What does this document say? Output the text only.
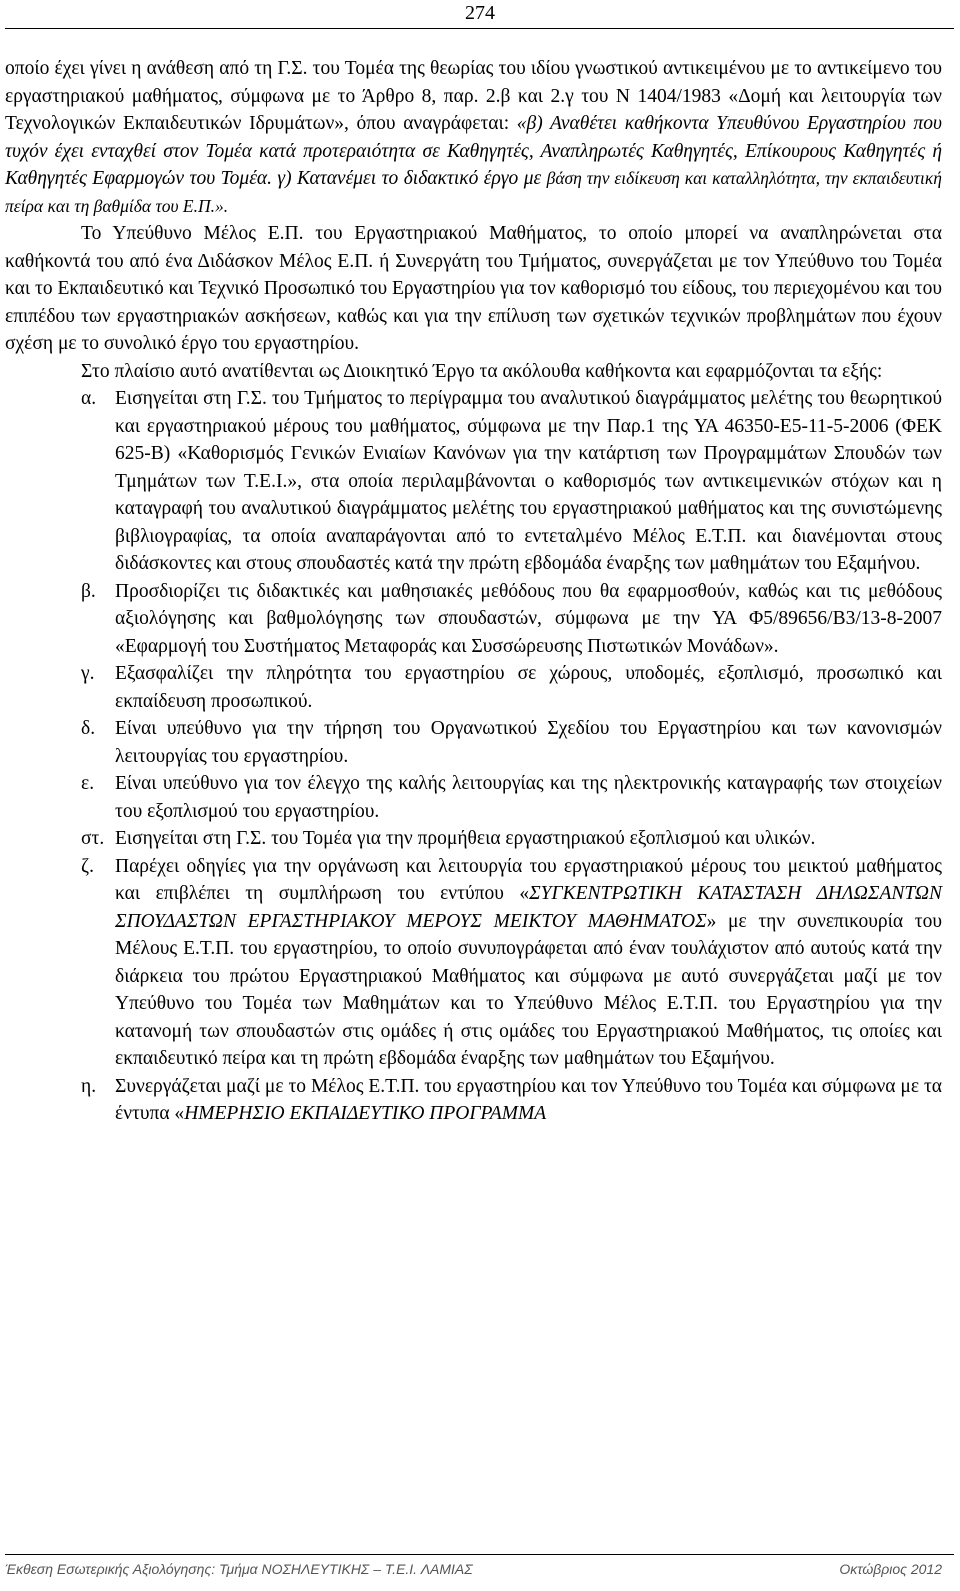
274

οποίο έχει γίνει η ανάθεση από τη Γ.Σ. του Τομέα της θεωρίας του ιδίου γνωστικού αντικειμένου με το αντικείμενο του εργαστηριακού μαθήματος, σύμφωνα με το Άρθρο 8, παρ. 2.β και 2.γ του Ν 1404/1983 «Δομή και λειτουργία των Τεχνολογικών Εκπαιδευτικών Ιδρυμάτων», όπου αναγράφεται: «β) Αναθέτει καθήκοντα Υπευθύνου Εργαστηρίου που τυχόν έχει ενταχθεί στον Τομέα κατά προτεραιότητα σε Καθηγητές, Αναπληρωτές Καθηγητές, Επίκουρους Καθηγητές ή Καθηγητές Εφαρμογών του Τομέα. γ) Κατανέμει το διδακτικό έργο με βάση την ειδίκευση και καταλληλότητα, την εκπαιδευτική πείρα και τη βαθμίδα του Ε.Π.».

Το Υπεύθυνο Μέλος Ε.Π. του Εργαστηριακού Μαθήματος, το οποίο μπορεί να αναπληρώνεται στα καθήκοντά του από ένα Διδάσκον Μέλος Ε.Π. ή Συνεργάτη του Τμήματος, συνεργάζεται με τον Υπεύθυνο του Τομέα και το Εκπαιδευτικό και Τεχνικό Προσωπικό του Εργαστηρίου για τον καθορισμό του είδους, του περιεχομένου και του επιπέδου των εργαστηριακών ασκήσεων, καθώς και για την επίλυση των σχετικών τεχνικών προβλημάτων που έχουν σχέση με το συνολικό έργο του εργαστηρίου.

Στο πλαίσιο αυτό ανατίθενται ως Διοικητικό Έργο τα ακόλουθα καθήκοντα και εφαρμόζονται τα εξής:

α. Εισηγείται στη Γ.Σ. του Τμήματος το περίγραμμα του αναλυτικού διαγράμματος μελέτης του θεωρητικού και εργαστηριακού μέρους του μαθήματος, σύμφωνα με την Παρ.1 της ΥΑ 46350-Ε5-11-5-2006 (ΦΕΚ 625-Β) «Καθορισμός Γενικών Ενιαίων Κανόνων για την κατάρτιση των Προγραμμάτων Σπουδών των Τμημάτων των Τ.Ε.Ι.», στα οποία περιλαμβάνονται ο καθορισμός των αντικειμενικών στόχων και η καταγραφή του αναλυτικού διαγράμματος μελέτης του εργαστηριακού μαθήματος και της συνιστώμενης βιβλιογραφίας, τα οποία αναπαράγονται από το εντεταλμένο Μέλος Ε.Τ.Π. και διανέμονται στους διδάσκοντες και στους σπουδαστές κατά την πρώτη εβδομάδα έναρξης των μαθημάτων του Εξαμήνου.
β. Προσδιορίζει τις διδακτικές και μαθησιακές μεθόδους που θα εφαρμοσθούν, καθώς και τις μεθόδους αξιολόγησης και βαθμολόγησης των σπουδαστών, σύμφωνα με την ΥΑ Φ5/89656/Β3/13-8-2007 «Εφαρμογή του Συστήματος Μεταφοράς και Συσσώρευσης Πιστωτικών Μονάδων».
γ.	Εξασφαλίζει την πληρότητα του εργαστηρίου σε χώρους, υποδομές, εξοπλισμό, προσωπικό και εκπαίδευση προσωπικού.
δ.	Είναι υπεύθυνο για την τήρηση του Οργανωτικού Σχεδίου του Εργαστηρίου και των κανονισμών λειτουργίας του εργαστηρίου.
ε.	Είναι υπεύθυνο για τον έλεγχο της καλής λειτουργίας και της ηλεκτρονικής καταγραφής των στοιχείων του εξοπλισμού του εργαστηρίου.
στ. Εισηγείται στη Γ.Σ. του Τομέα για την προμήθεια εργαστηριακού εξοπλισμού και υλικών.
ζ.	Παρέχει οδηγίες για την οργάνωση και λειτουργία του εργαστηριακού μέρους του μεικτού μαθήματος και επιβλέπει τη συμπλήρωση του εντύπου «ΣΥΓΚΕΝΤΡΩΤΙΚΗ ΚΑΤΑΣΤΑΣΗ ΔΗΛΩΣΑΝΤΩΝ ΣΠΟΥΔΑΣΤΩΝ ΕΡΓΑΣΤΗΡΙΑΚΟΥ ΜΕΡΟΥΣ ΜΕΙΚΤΟΥ ΜΑΘΗΜΑΤΟΣ» με την συνεπικουρία του Μέλους Ε.Τ.Π. του εργαστηρίου, το οποίο συνυπογράφεται από έναν τουλάχιστον από αυτούς κατά την διάρκεια του πρώτου Εργαστηριακού Μαθήματος και σύμφωνα με αυτό συνεργάζεται μαζί με τον Υπεύθυνο του Τομέα των Μαθημάτων και το Υπεύθυνο Μέλος Ε.Τ.Π. του Εργαστηρίου για την κατανομή των σπουδαστών στις ομάδες ή στις ομάδες του Εργαστηριακού Μαθήματος, τις οποίες και εκπαιδευτικό πείρα και τη πρώτη εβδομάδα έναρξης των μαθημάτων του Εξαμήνου.
η. Συνεργάζεται μαζί με το Μέλος Ε.Τ.Π. του εργαστηρίου και τον Υπεύθυνο του Τομέα και σύμφωνα με τα έντυπα «ΗΜΕΡΗΣΙΟ ΕΚΠΑΙΔΕΥΤΙΚΟ ΠΡΟΓΡΑΜΜΑ
Έκθεση Εσωτερικής Αξιολόγησης: Τμήμα ΝΟΣΗΛΕΥΤΙΚΗΣ – Τ.Ε.Ι. ΛΑΜΙΑΣ	Οκτώβριος 2012
